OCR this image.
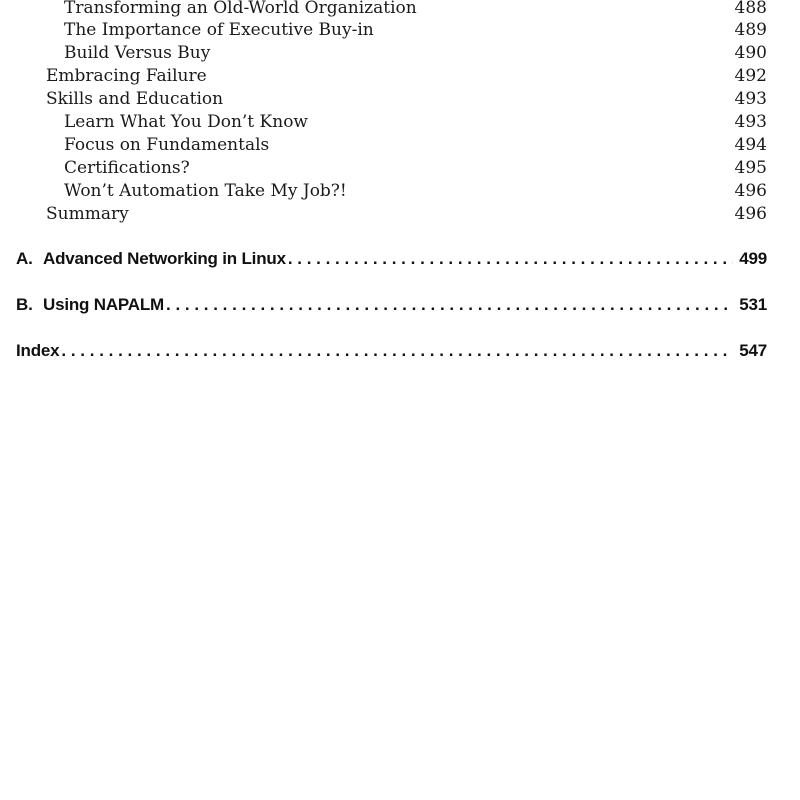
Transforming an Old-World Organization	488
The Importance of Executive Buy-in	489
Build Versus Buy	490
Embracing Failure	492
Skills and Education	493
Learn What You Don’t Know	493
Focus on Fundamentals	494
Certifications?	495
Won’t Automation Take My Job?!	496
Summary	496
A. Advanced Networking in Linux . . .	499
B. Using NAPALM . . .	531
Index . . .	547
